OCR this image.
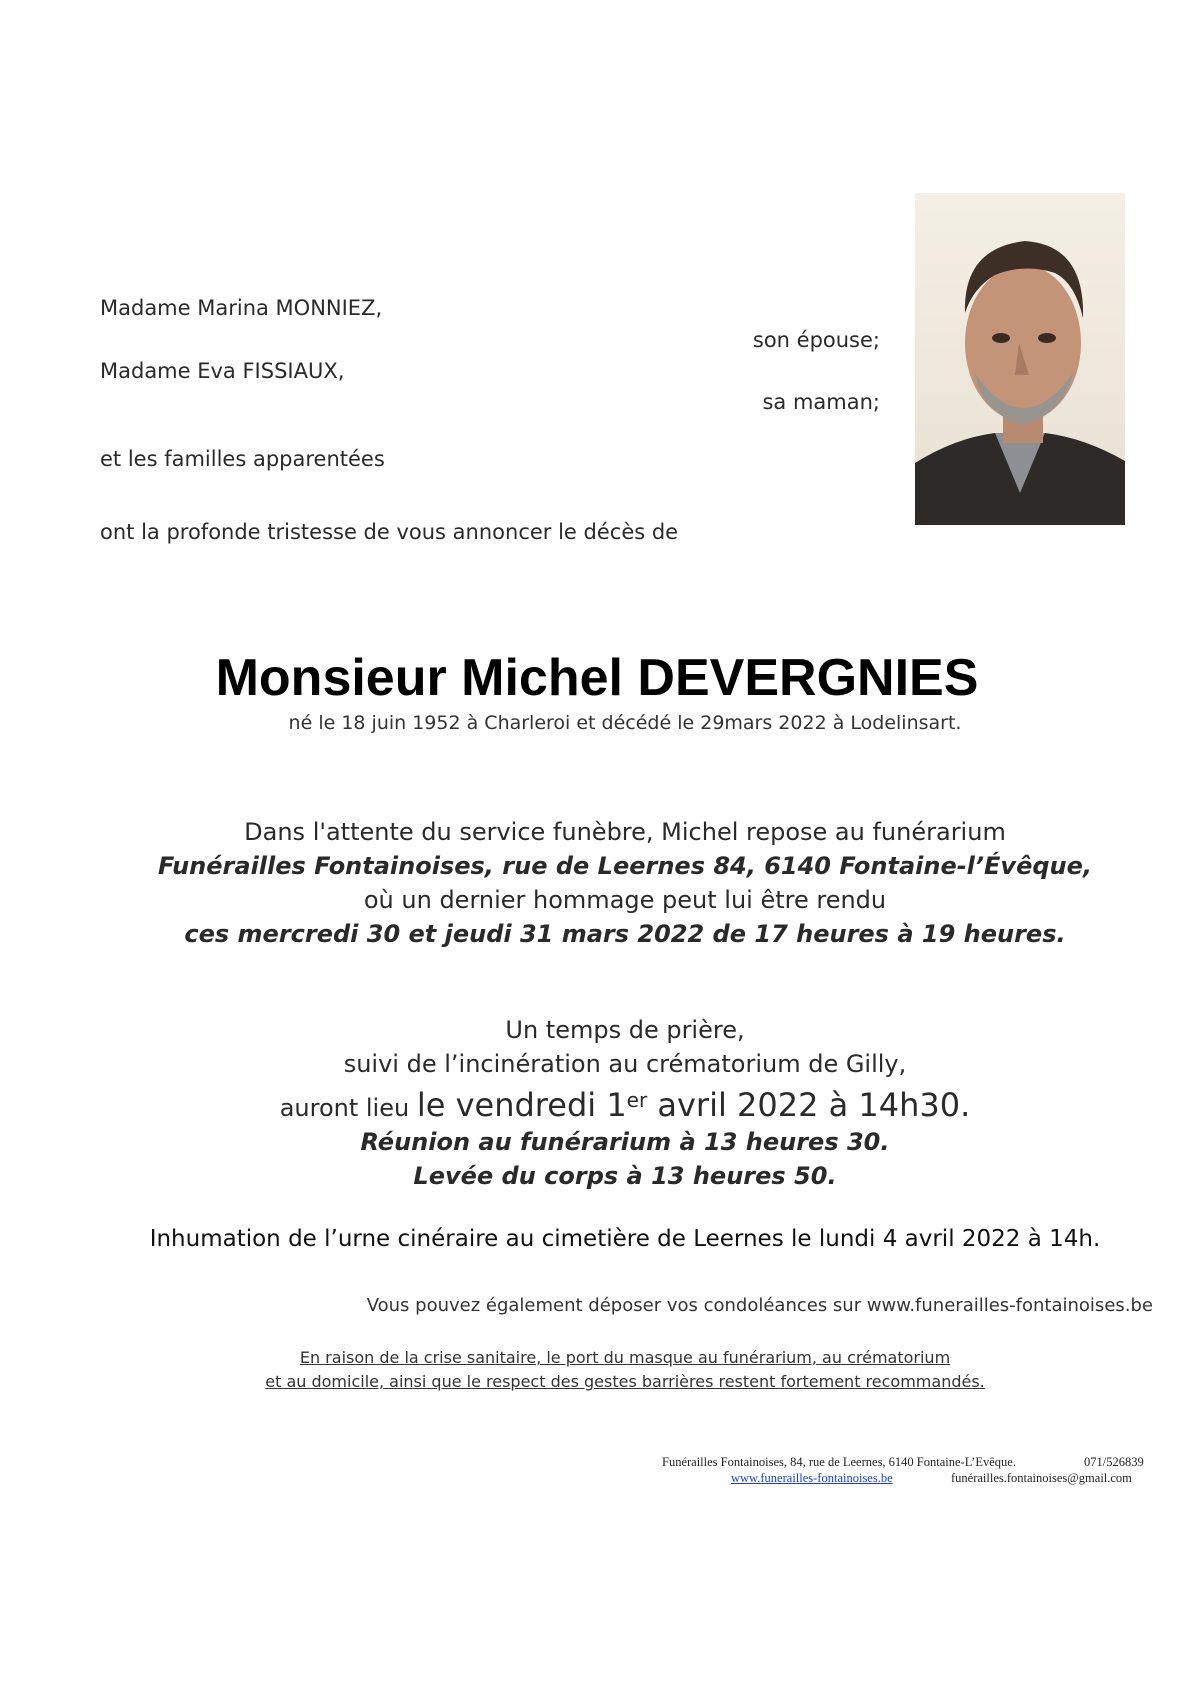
Madame Marina MONNIEZ,
son épouse;
Madame Eva FISSIAUX,
sa maman;
et les familles apparentées
ont la profonde tristesse de vous annoncer le décès de
Monsieur Michel DEVERGNIES
né le 18 juin 1952 à Charleroi et décédé le 29mars 2022 à Lodelinsart.
Dans l'attente du service funèbre, Michel repose au funérarium
Funérailles Fontainoises, rue de Leernes 84, 6140 Fontaine-l’Évêque,
où un dernier hommage peut lui être rendu
ces mercredi 30 et jeudi 31 mars 2022 de 17 heures à 19 heures.
Un temps de prière,
suivi de l’incinération au crématorium de Gilly,
auront lieu le vendredi 1er avril 2022 à 14h30.
Réunion au funérarium à 13 heures 30.
Levée du corps à 13 heures 50.
Inhumation de l’urne cinéraire au cimetière de Leernes le lundi 4 avril 2022 à 14h.
Vous pouvez également déposer vos condoléances sur www.funerailles-fontainoises.be
En raison de la crise sanitaire, le port du masque au funérarium, au crématorium
et au domicile, ainsi que le respect des gestes barrières restent fortement recommandés.
Funérailles Fontainoises, 84, rue de Leernes, 6140 Fontaine-L’Evêque.	071/526839
www.funerailles-fontainoises.be	funérailles.fontainoises@gmail.com
